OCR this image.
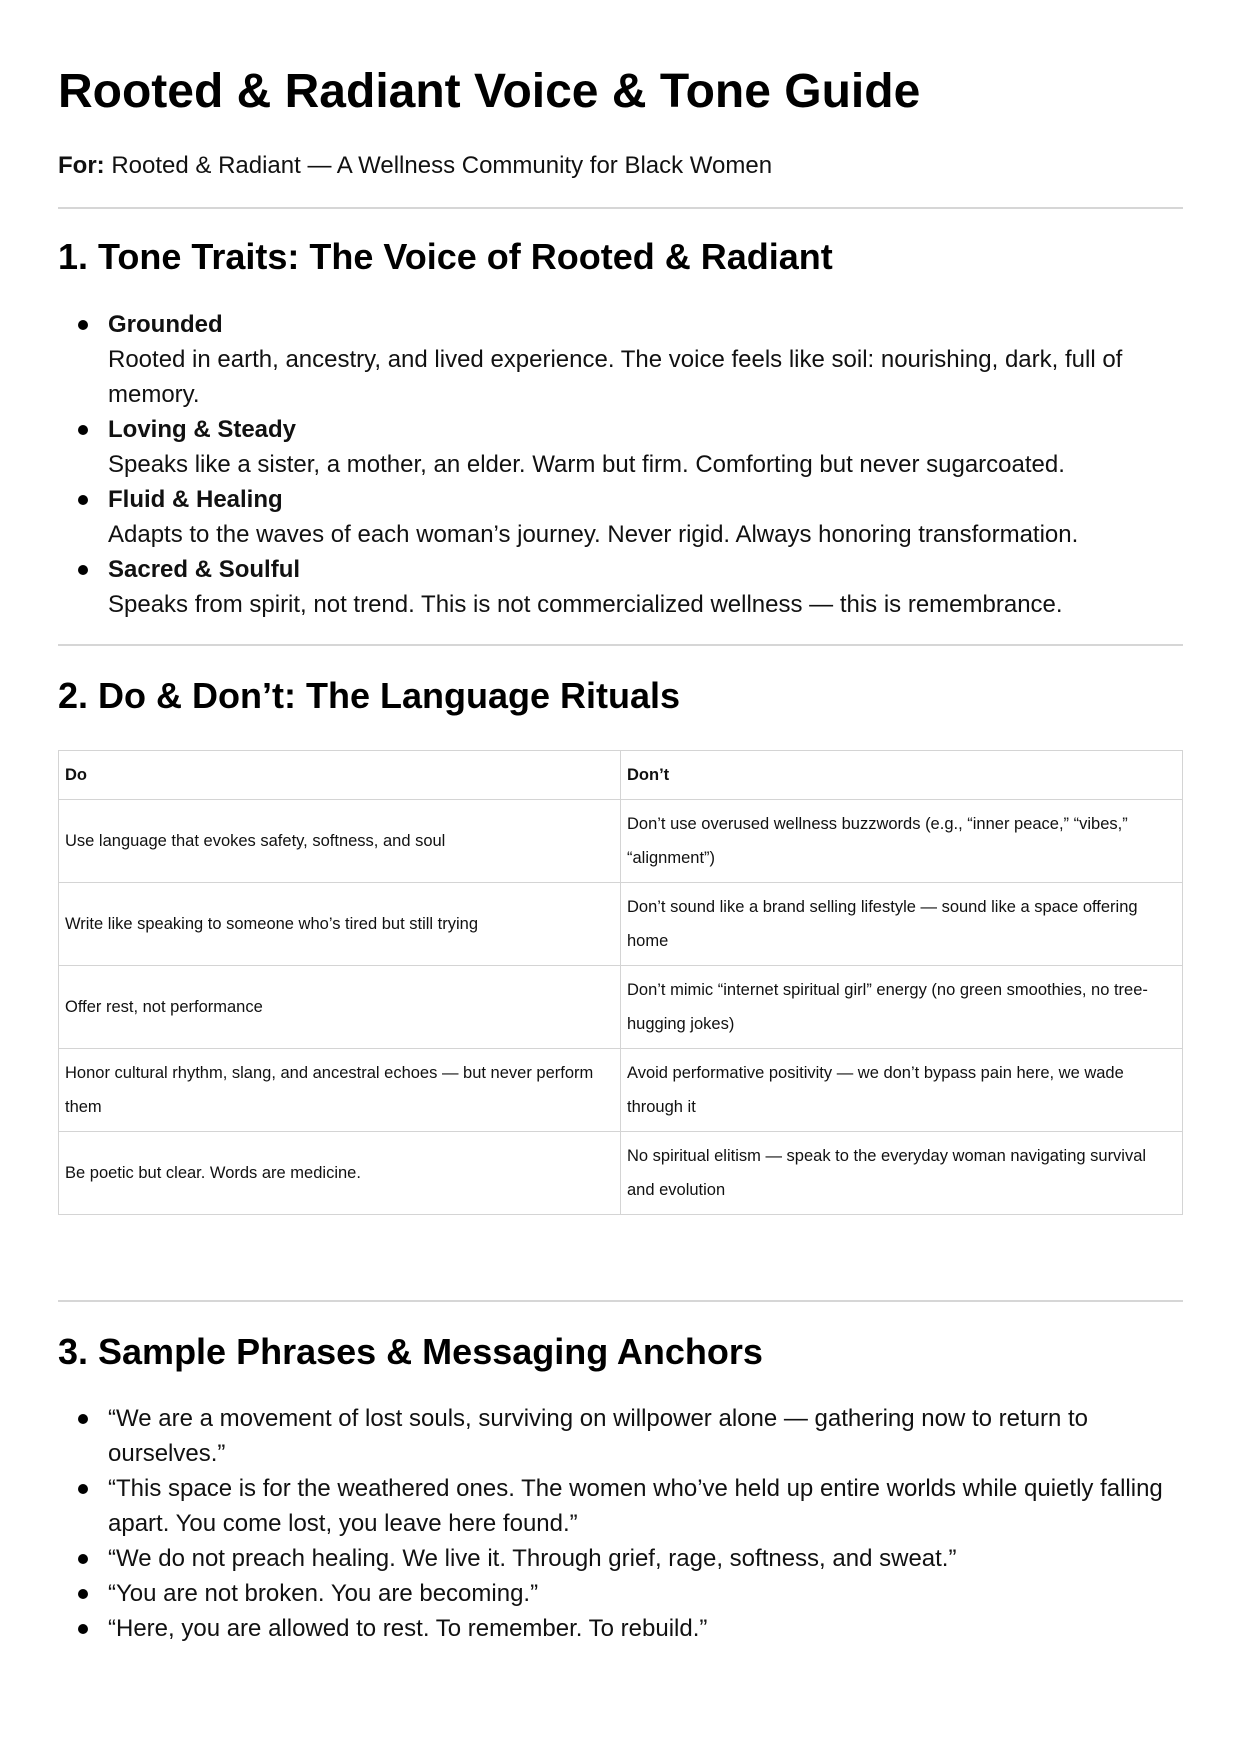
Rooted & Radiant Voice & Tone Guide

For: Rooted & Radiant — A Wellness Community for Black Women

1. Tone Traits: The Voice of Rooted & Radiant
Grounded
Rooted in earth, ancestry, and lived experience. The voice feels like soil: nourishing, dark, full of memory.
Loving & Steady
Speaks like a sister, a mother, an elder. Warm but firm. Comforting but never sugarcoated.
Fluid & Healing
Adapts to the waves of each woman’s journey. Never rigid. Always honoring transformation.
Sacred & Soulful
Speaks from spirit, not trend. This is not commercialized wellness — this is remembrance.
2. Do & Don’t: The Language Rituals
Do	Don’t
Use language that evokes safety, softness, and soul	Don’t use overused wellness buzzwords (e.g., “inner peace,” “vibes,” “alignment”)
Write like speaking to someone who’s tired but still trying	Don’t sound like a brand selling lifestyle — sound like a space offering home
Offer rest, not performance	Don’t mimic “internet spiritual girl” energy (no green smoothies, no tree-hugging jokes)
Honor cultural rhythm, slang, and ancestral echoes — but never perform them	Avoid performative positivity — we don’t bypass pain here, we wade through it
Be poetic but clear. Words are medicine.	No spiritual elitism — speak to the everyday woman navigating survival and evolution
3. Sample Phrases & Messaging Anchors
“We are a movement of lost souls, surviving on willpower alone — gathering now to return to ourselves.”
“This space is for the weathered ones. The women who’ve held up entire worlds while quietly falling apart. You come lost, you leave here found.”
“We do not preach healing. We live it. Through grief, rage, softness, and sweat.”
“You are not broken. You are becoming.”
“Here, you are allowed to rest. To remember. To rebuild.”
